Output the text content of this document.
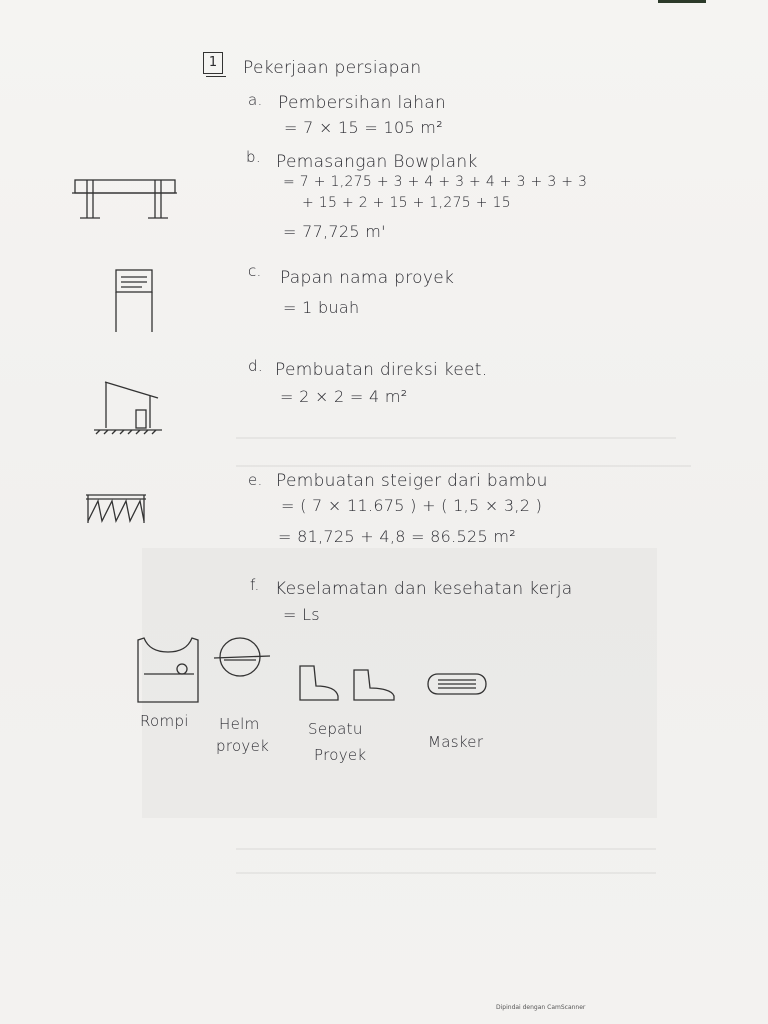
1	Pekerjaan persiapan
a. Pembersihan lahan
= 7 × 15 = 105 m²
b. Pemasangan Bowplank
= 7 + 1,275 + 3 + 4 + 3 + 4 + 3 + 3 + 3
+ 15 + 2 + 15 + 1,275 + 15
= 77,725 m'
c. Papan nama proyek
= 1 buah
d. Pembuatan direksi keet.
= 2 × 2 = 4 m²
e. Pembuatan steiger dari bambu
= ( 7 × 11.675 ) + ( 1,5 × 3,2 )
= 81,725 + 4,8 = 86.525 m²
f. Keselamatan dan kesehatan kerja
= Ls
Rompi Helm
proyek
Sepatu
Proyek
Masker
Dipindai dengan CamScanner
